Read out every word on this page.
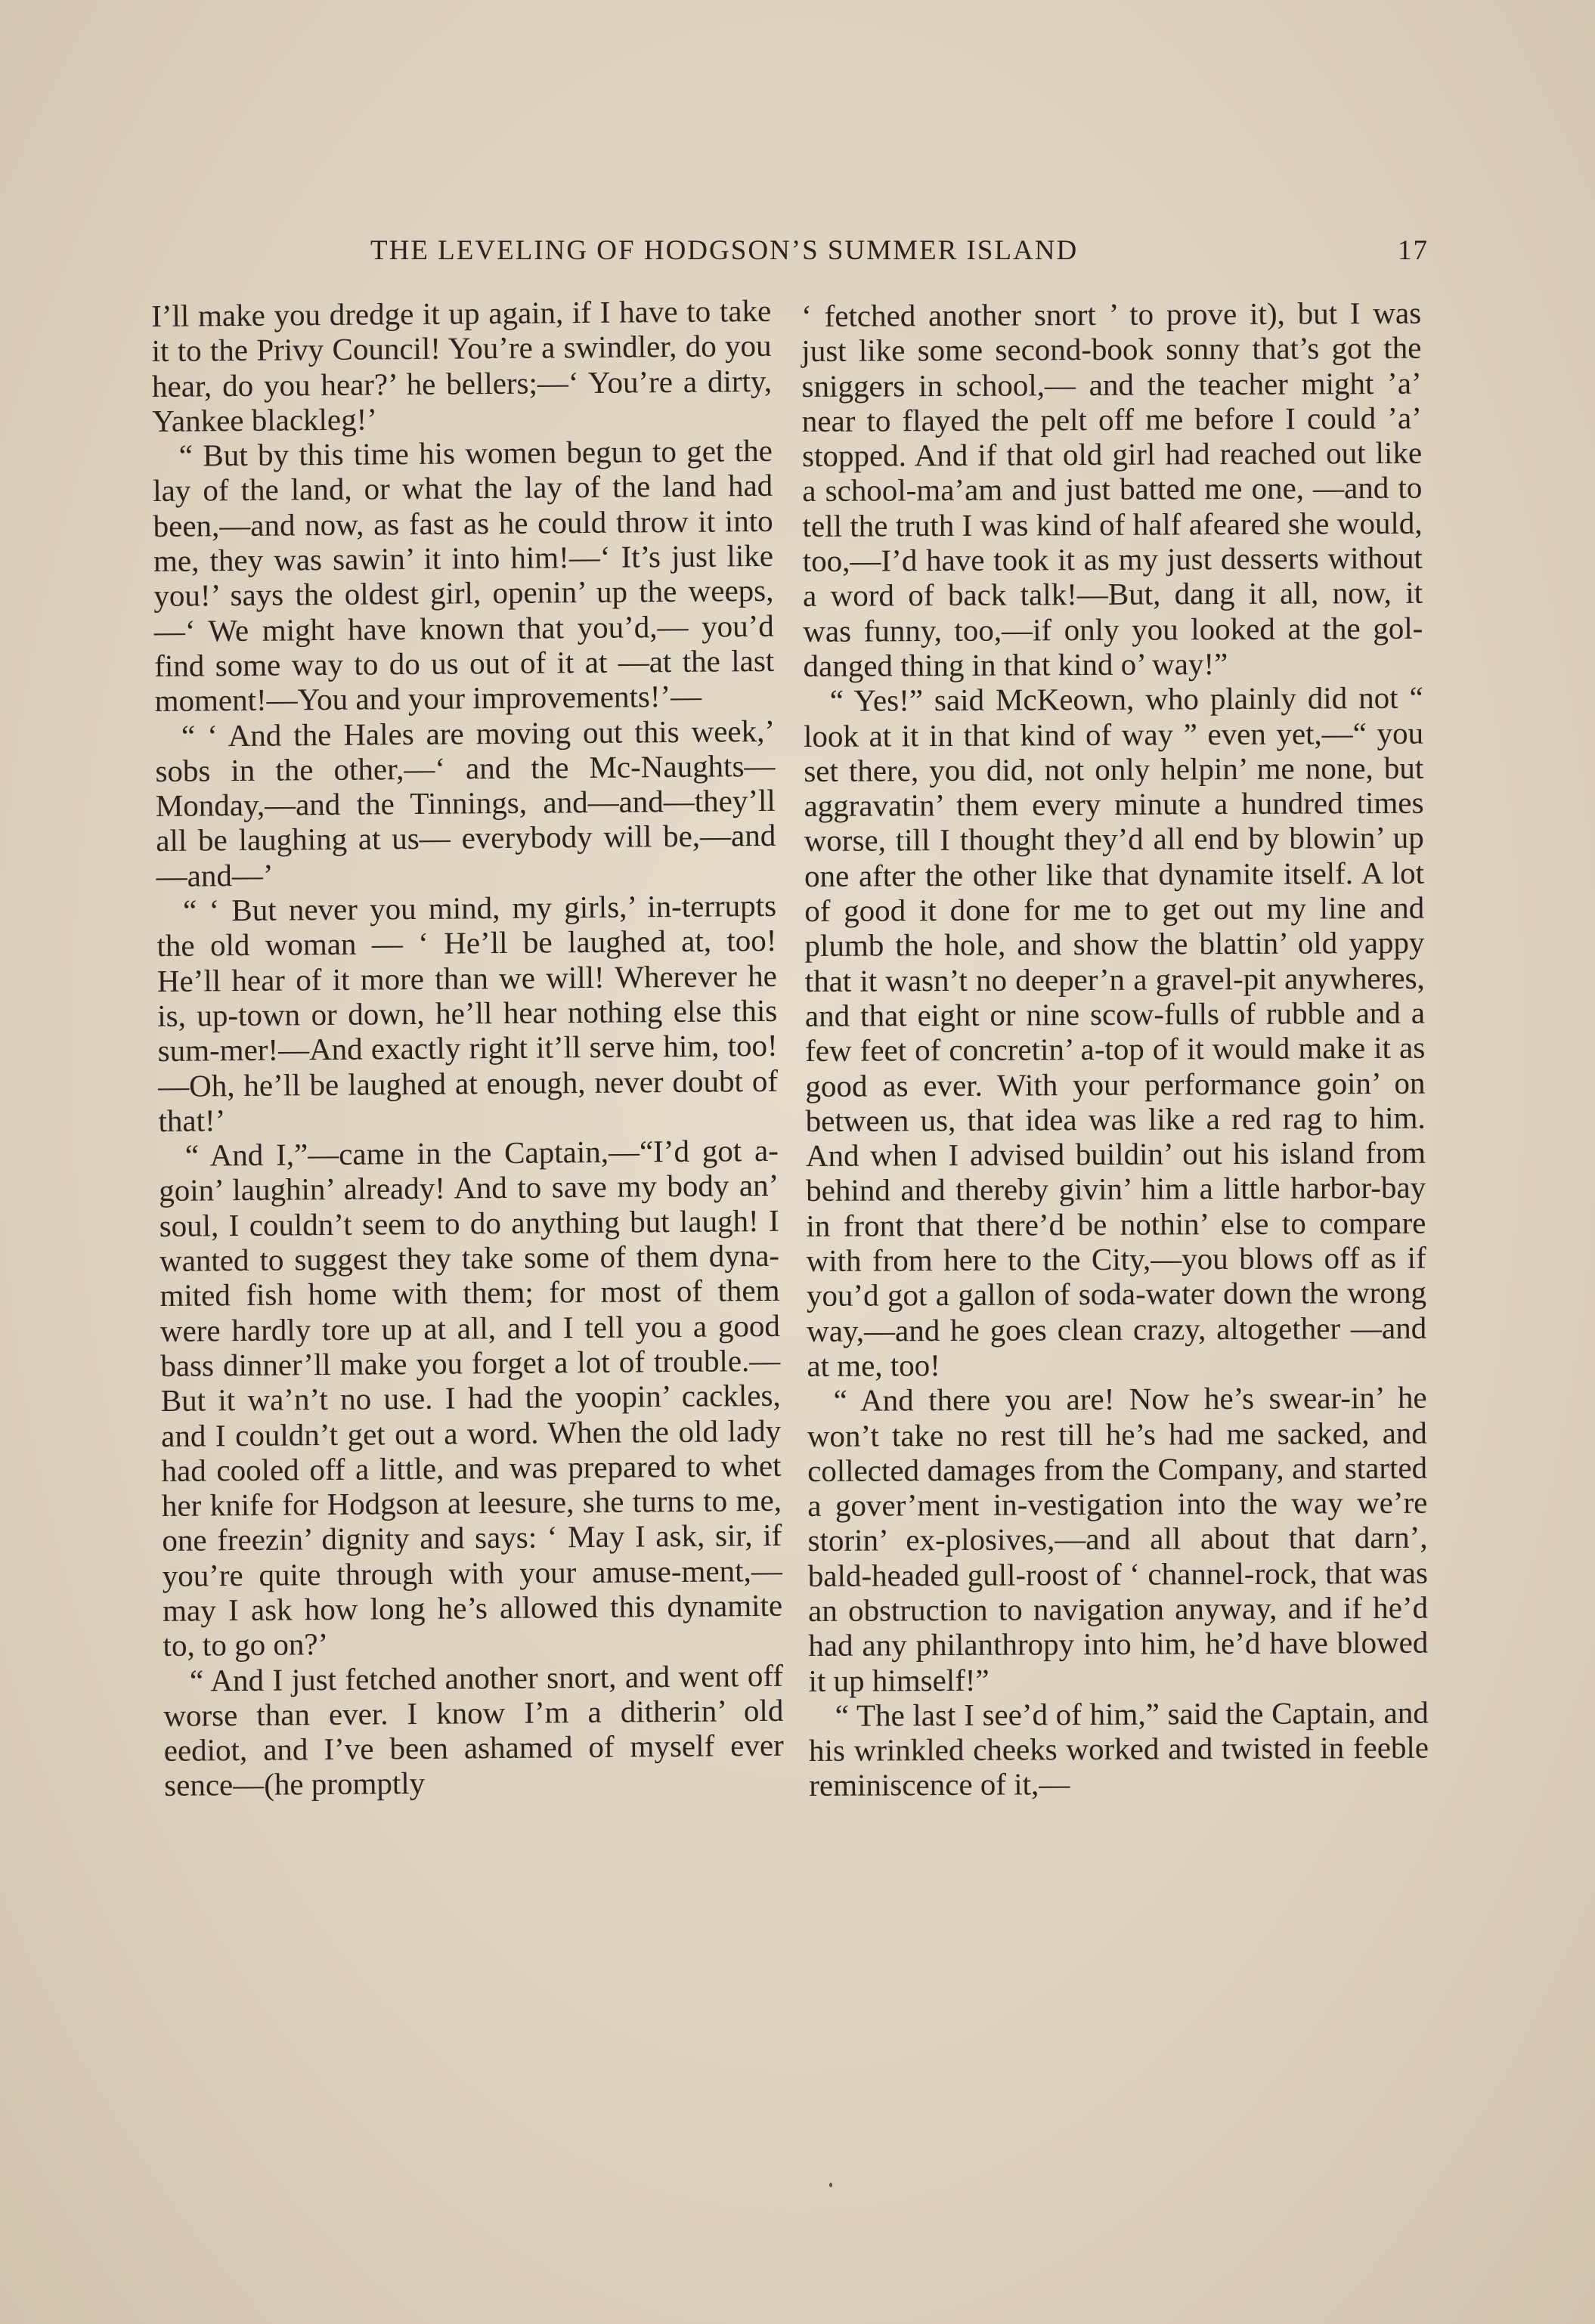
THE LEVELING OF HODGSON’S SUMMER ISLAND	17

I’ll make you dredge it up again, if I have to take it to the Privy Council! You’re a swindler, do you hear, do you hear?’ he bellers;—‘ You’re a dirty, Yankee blackleg!’

“ But by this time his women begun to get the lay of the land, or what the lay of the land had been,—and now, as fast as he could throw it into me, they was sawin’ it into him!—‘ It’s just like you!’ says the oldest girl, openin’ up the weeps, —‘ We might have known that you’d,— you’d find some way to do us out of it at —at the last moment!—You and your improvements!’—

“ ‘ And the Hales are moving out this week,’ sobs in the other,—‘ and the Mc-Naughts—Monday,—and the Tinnings, and—and—they’ll all be laughing at us— everybody will be,—and—and—’

“ ‘ But never you mind, my girls,’ in-terrupts the old woman — ‘ He’ll be laughed at, too! He’ll hear of it more than we will! Wherever he is, up-town or down, he’ll hear nothing else this sum-mer!—And exactly right it’ll serve him, too!—Oh, he’ll be laughed at enough, never doubt of that!’

“ And I,”—came in the Captain,—“I’d got a-goin’ laughin’ already! And to save my body an’ soul, I couldn’t seem to do anything but laugh! I wanted to suggest they take some of them dyna-mited fish home with them; for most of them were hardly tore up at all, and I tell you a good bass dinner’ll make you forget a lot of trouble.—But it wa’n’t no use. I had the yoopin’ cackles, and I couldn’t get out a word. When the old lady had cooled off a little, and was prepared to whet her knife for Hodgson at leesure, she turns to me, one freezin’ dignity and says: ‘ May I ask, sir, if you’re quite through with your amuse-ment,—may I ask how long he’s allowed this dynamite to, to go on?’

“ And I just fetched another snort, and went off worse than ever. I know I’m a ditherin’ old eediot, and I’ve been ashamed of myself ever sence—(he promptly

‘ fetched another snort ’ to prove it), but I was just like some second-book sonny that’s got the sniggers in school,— and the teacher might ’a’ near to flayed the pelt off me before I could ’a’ stopped. And if that old girl had reached out like a school-ma’am and just batted me one, —and to tell the truth I was kind of half afeared she would, too,—I’d have took it as my just desserts without a word of back talk!—But, dang it all, now, it was funny, too,—if only you looked at the gol-danged thing in that kind o’ way!”

“ Yes!” said McKeown, who plainly did not “ look at it in that kind of way ” even yet,—“ you set there, you did, not only helpin’ me none, but aggravatin’ them every minute a hundred times worse, till I thought they’d all end by blowin’ up one after the other like that dynamite itself. A lot of good it done for me to get out my line and plumb the hole, and show the blattin’ old yappy that it wasn’t no deeper’n a gravel-pit anywheres, and that eight or nine scow-fulls of rubble and a few feet of concretin’ a-top of it would make it as good as ever. With your performance goin’ on between us, that idea was like a red rag to him. And when I advised buildin’ out his island from behind and thereby givin’ him a little harbor-bay in front that there’d be nothin’ else to compare with from here to the City,—you blows off as if you’d got a gallon of soda-water down the wrong way,—and he goes clean crazy, altogether —and at me, too!

“ And there you are! Now he’s swear-in’ he won’t take no rest till he’s had me sacked, and collected damages from the Company, and started a gover’ment in-vestigation into the way we’re storin’ ex-plosives,—and all about that darn’, bald-headed gull-roost of ‘ channel-rock, that was an obstruction to navigation anyway, and if he’d had any philanthropy into him, he’d have blowed it up himself!”

“ The last I see’d of him,” said the Captain, and his wrinkled cheeks worked and twisted in feeble reminiscence of it,—
